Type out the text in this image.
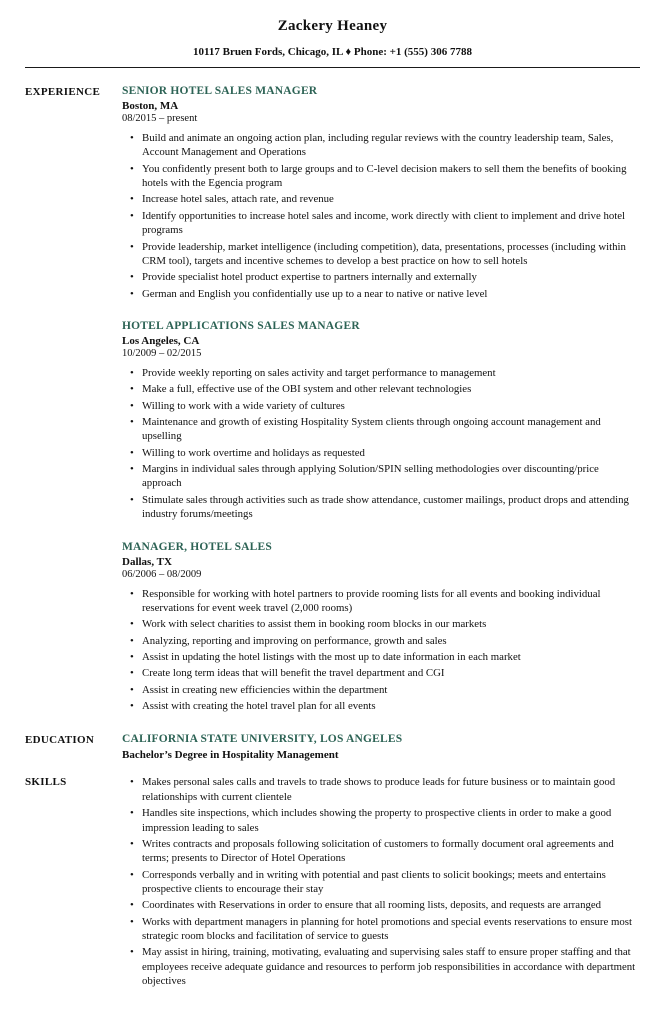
Zackery Heaney
10117 Bruen Fords, Chicago, IL ♦ Phone: +1 (555) 306 7788
EXPERIENCE	SENIOR HOTEL SALES MANAGER
Boston, MA
08/2015 – present
• Build and animate an ongoing action plan, including regular reviews with the country leadership team, Sales, Account Management and Operations
• You confidently present both to large groups and to C-level decision makers to sell them the benefits of booking hotels with the Egencia program
• Increase hotel sales, attach rate, and revenue
• Identify opportunities to increase hotel sales and income, work directly with client to implement and drive hotel programs
• Provide leadership, market intelligence (including competition), data, presentations, processes (including within CRM tool), targets and incentive schemes to develop a best practice on how to sell hotels
• Provide specialist hotel product expertise to partners internally and externally
• German and English you confidentially use up to a near to native or native level
HOTEL APPLICATIONS SALES MANAGER
Los Angeles, CA
10/2009 – 02/2015
• Provide weekly reporting on sales activity and target performance to management
• Make a full, effective use of the OBI system and other relevant technologies
• Willing to work with a wide variety of cultures
• Maintenance and growth of existing Hospitality System clients through ongoing account management and upselling
• Willing to work overtime and holidays as requested
• Margins in individual sales through applying Solution/SPIN selling methodologies over discounting/price approach
• Stimulate sales through activities such as trade show attendance, customer mailings, product drops and attending industry forums/meetings
MANAGER, HOTEL SALES
Dallas, TX
06/2006 – 08/2009
• Responsible for working with hotel partners to provide rooming lists for all events and booking individual reservations for event week travel (2,000 rooms)
• Work with select charities to assist them in booking room blocks in our markets
• Analyzing, reporting and improving on performance, growth and sales
• Assist in updating the hotel listings with the most up to date information in each market
• Create long term ideas that will benefit the travel department and CGI
• Assist in creating new efficiencies within the department
• Assist with creating the hotel travel plan for all events
EDUCATION	CALIFORNIA STATE UNIVERSITY, LOS ANGELES
Bachelor’s Degree in Hospitality Management
SKILLS	• Makes personal sales calls and travels to trade shows to produce leads for future business or to maintain good relationships with current clientele
• Handles site inspections, which includes showing the property to prospective clients in order to make a good impression leading to sales
• Writes contracts and proposals following solicitation of customers to formally document oral agreements and terms; presents to Director of Hotel Operations
• Corresponds verbally and in writing with potential and past clients to solicit bookings; meets and entertains prospective clients to encourage their stay
• Coordinates with Reservations in order to ensure that all rooming lists, deposits, and requests are arranged
• Works with department managers in planning for hotel promotions and special events reservations to ensure most strategic room blocks and facilitation of service to guests
• May assist in hiring, training, motivating, evaluating and supervising sales staff to ensure proper staffing and that employees receive adequate guidance and resources to perform job responsibilities in accordance with department objectives
